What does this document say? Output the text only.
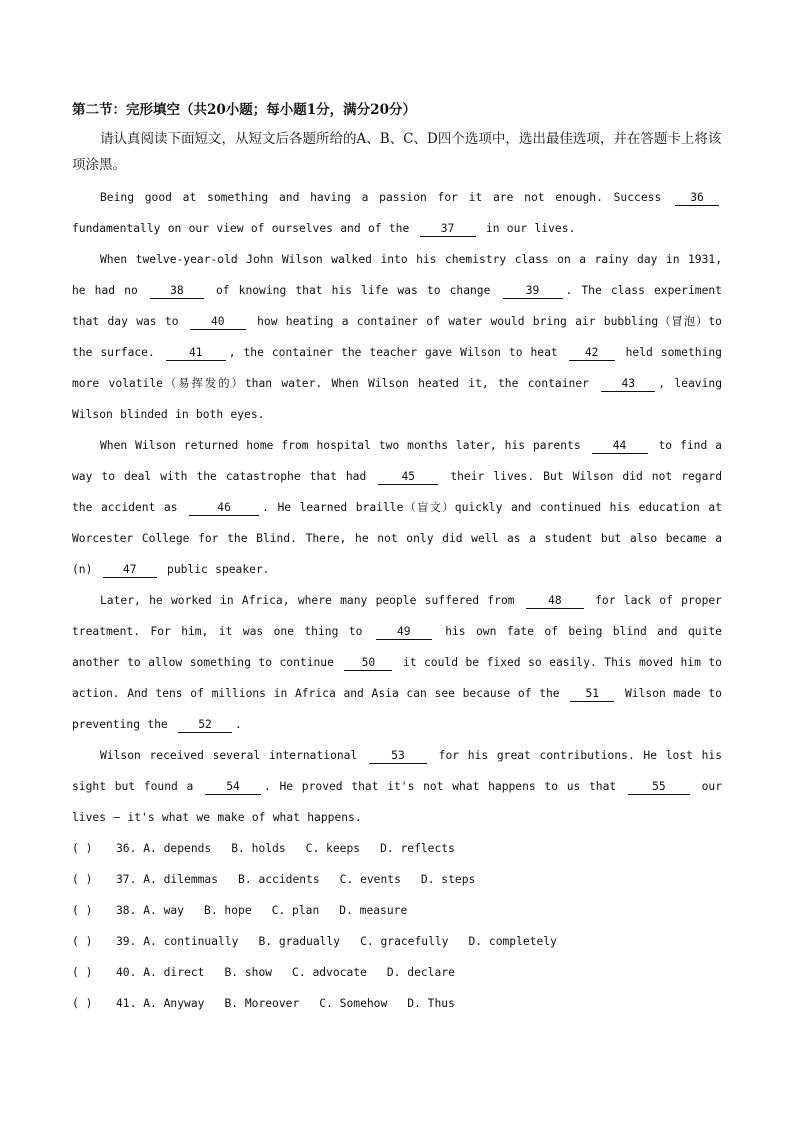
第二节：完形填空（共20小题；每小题1分，满分20分）
请认真阅读下面短文，从短文后各题所给的A、B、C、D四个选项中，选出最佳选项，并在答题卡上将该项涂黑。

Being good at something and having a passion for it are not enough. Success	36 fundamentally on our view of ourselves and of the	37	in our lives.

When twelve-year-old John Wilson walked into his chemistry class on a rainy day in 1931, he had no	38	of knowing that his life was to change	39 . The class experiment that day was to	40	how heating a container of water would bring air bubbling（冒泡）to the surface.	41 , the container the teacher gave Wilson to heat 42 held something more volatile（易挥发的）than water. When Wilson heated it, the container	43 , leaving Wilson blinded in both eyes.

When Wilson returned home from hospital two months later, his parents	44	to find a way to deal with the catastrophe that had	45	their lives. But Wilson did not regard the accident as	46	. He learned braille（盲文）quickly and continued his education at Worcester College for the Blind. There, he not only did well as a student but also became a (n)	47	public speaker.

Later, he worked in Africa, where many people suffered from	48	for lack of proper treatment. For him, it was one thing to	49	his own fate of being blind and quite another to allow something to continue 50 it could be fixed so easily. This moved him to action. And tens of millions in Africa and Asia can see because of the 51 Wilson made to preventing the	52 .

Wilson received several international	53	for his great contributions. He lost his sight but found a	54 . He proved that it's not what happens to us that	55	our lives — it's what we make of what happens.

( ) 36. A. depends B. holds C. keeps D. reflects
( ) 37. A. dilemmas B. accidents C. events D. steps
( ) 38. A. way B. hope C. plan D. measure
( ) 39. A. continually B. gradually C. gracefully D. completely
( ) 40. A. direct B. show C. advocate D. declare
( ) 41. A. Anyway B. Moreover C. Somehow D. Thus
